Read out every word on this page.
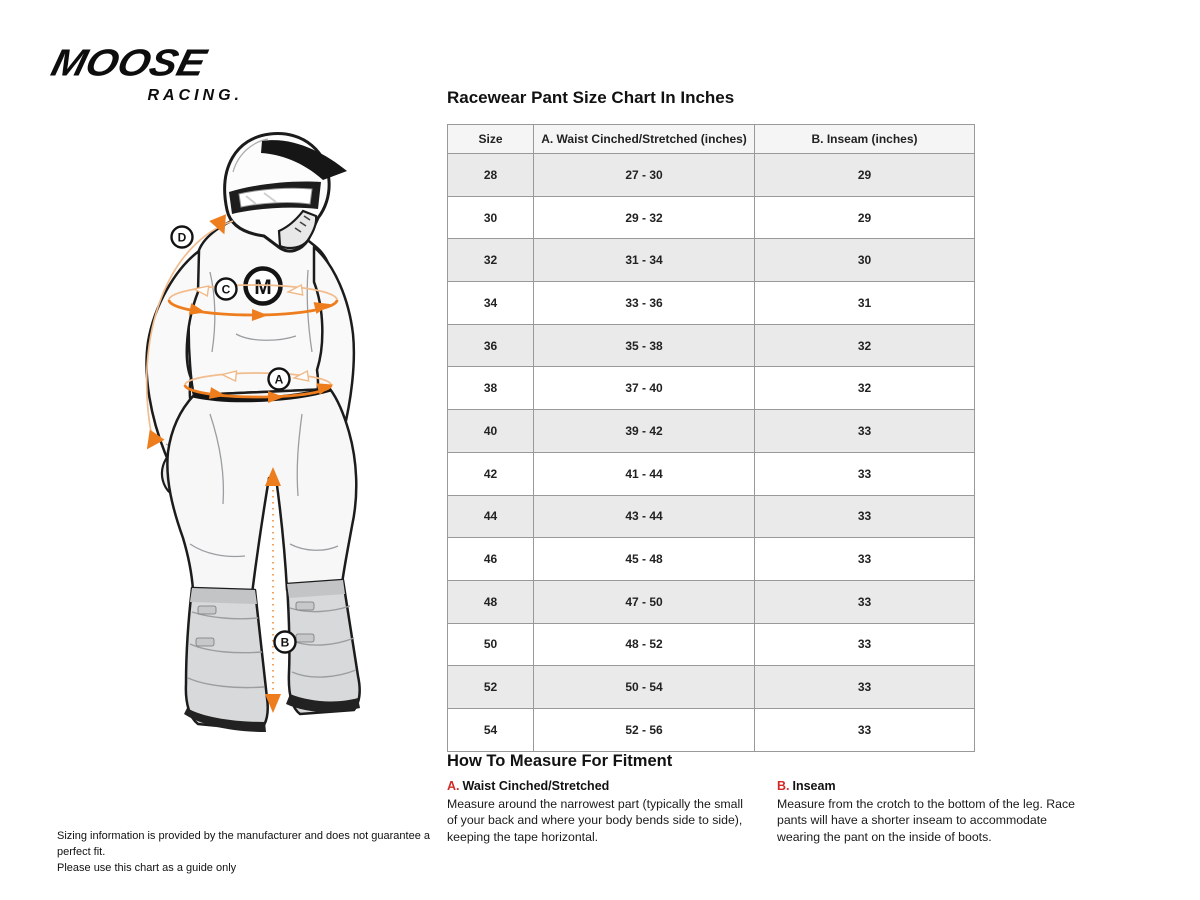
MOOSE
RACING.
M
D
C
A
B
Racewear Pant Size Chart In Inches
Size	A. Waist Cinched/Stretched (inches)	B. Inseam (inches)
28	27 - 30	29
30	29 - 32	29
32	31 - 34	30
34	33 - 36	31
36	35 - 38	32
38	37 - 40	32
40	39 - 42	33
42	41 - 44	33
44	43 - 44	33
46	45 - 48	33
48	47 - 50	33
50	48 - 52	33
52	50 - 54	33
54	52 - 56	33
How To Measure For Fitment
A. Waist Cinched/Stretched

Measure around the narrowest part (typically the small of your back and where your body bends side to side), keeping the tape horizontal.

B. Inseam

Measure from the crotch to the bottom of the leg. Race pants will have a shorter inseam to accommodate wearing the pant on the inside of boots.

Sizing information is provided by the manufacturer and does not guarantee a perfect fit.
Please use this chart as a guide only
